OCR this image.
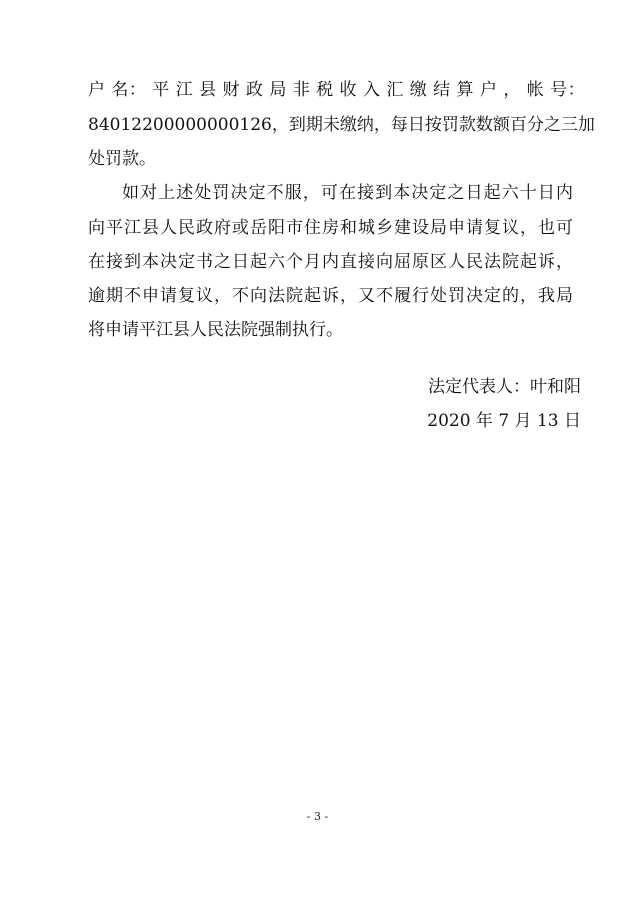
户 名： 平 江 县 财 政 局 非 税 收 入 汇 缴 结 算 户 ， 帐 号：
84012200000000126，到期未缴纳，每日按罚款数额百分之三加
处罚款。
如对上述处罚决定不服，可在接到本决定之日起六十日内
向平江县人民政府或岳阳市住房和城乡建设局申请复议，也可
在接到本决定书之日起六个月内直接向屈原区人民法院起诉，
逾期不申请复议，不向法院起诉，又不履行处罚决定的，我局
将申请平江县人民法院强制执行。
法定代表人：叶和阳
2020 年 7 月 13 日
- 3 -
